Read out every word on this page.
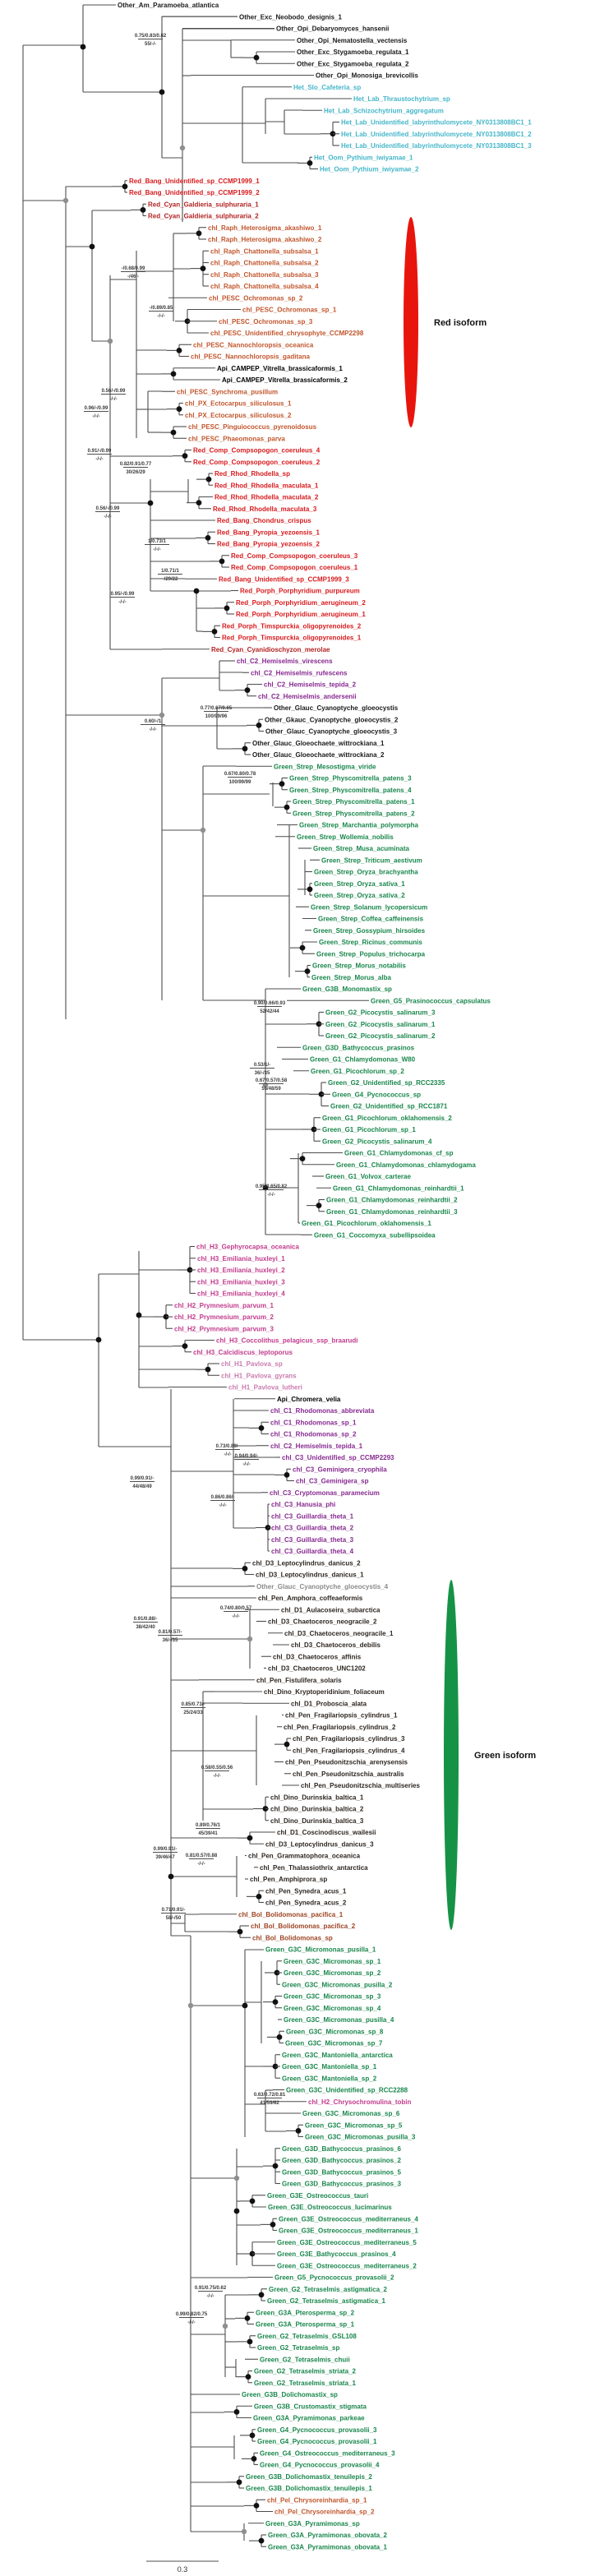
Other_Am_Paramoeba_atlantica
Other_Exc_Neobodo_designis_1
Other_Opi_Debaryomyces_hansenii
Other_Opi_Nematostella_vectensis
Other_Exc_Stygamoeba_regulata_1
Other_Exc_Stygamoeba_regulata_2
Other_Opi_Monosiga_brevicollis
Het_Slo_Cafeteria_sp
Het_Lab_Thraustochytrium_sp
Het_Lab_Schizochytrium_aggregatum
Het_Lab_Unidentified_labyrinthulomycete_NY0313808BC1_1
Het_Lab_Unidentified_labyrinthulomycete_NY0313808BC1_2
Het_Lab_Unidentified_labyrinthulomycete_NY0313808BC1_3
Het_Oom_Pythium_iwiyamae_1
Het_Oom_Pythium_iwiyamae_2
Red_Bang_Unidentified_sp_CCMP1999_1
Red_Bang_Unidentified_sp_CCMP1999_2
Red_Cyan_Galdieria_sulphuraria_1
Red_Cyan_Galdieria_sulphuraria_2
chl_Raph_Heterosigma_akashiwo_1
chl_Raph_Heterosigma_akashiwo_2
chl_Raph_Chattonella_subsalsa_1
chl_Raph_Chattonella_subsalsa_2
chl_Raph_Chattonella_subsalsa_3
chl_Raph_Chattonella_subsalsa_4
chl_PESC_Ochromonas_sp_2
chl_PESC_Ochromonas_sp_1
chl_PESC_Ochromonas_sp_3
chl_PESC_Unidentified_chrysophyte_CCMP2298
chl_PESC_Nannochloropsis_oceanica
chl_PESC_Nannochloropsis_gaditana
Api_CAMPEP_Vitrella_brassicaformis_1
Api_CAMPEP_Vitrella_brassicaformis_2
chl_PESC_Synchroma_pusillum
chl_PX_Ectocarpus_siliculosus_1
chl_PX_Ectocarpus_siliculosus_2
chl_PESC_Pinguiococcus_pyrenoidosus
chl_PESC_Phaeomonas_parva
Red_Comp_Compsopogon_coeruleus_4
Red_Comp_Compsopogon_coeruleus_2
Red_Rhod_Rhodella_sp
Red_Rhod_Rhodella_maculata_1
Red_Rhod_Rhodella_maculata_2
Red_Rhod_Rhodella_maculata_3
Red_Bang_Chondrus_crispus
Red_Bang_Pyropia_yezoensis_1
Red_Bang_Pyropia_yezoensis_2
Red_Comp_Compsopogon_coeruleus_3
Red_Comp_Compsopogon_coeruleus_1
Red_Bang_Unidentified_sp_CCMP1999_3
Red_Porph_Porphyridium_purpureum
Red_Porph_Porphyridium_aerugineum_2
Red_Porph_Porphyridium_aerugineum_1
Red_Porph_Timspurckia_oligopyrenoides_2
Red_Porph_Timspurckia_oligopyrenoides_1
Red_Cyan_Cyanidioschyzon_merolae
chl_C2_Hemiselmis_virescens
chl_C2_Hemiselmis_rufescens
chl_C2_Hemiselmis_tepida_2
chl_C2_Hemiselmis_andersenii
Other_Glauc_Cyanoptyche_gloeocystis
Other_Gkauc_Cyanoptyche_gloeocystis_2
Other_Glauc_Cyanoptyche_gloeocystis_3
Other_Glauc_Gloeochaete_wittrockiana_1
Other_Glauc_Gloeochaete_wittrockiana_2
Green_Strep_Mesostigma_viride
Green_Strep_Physcomitrella_patens_3
Green_Strep_Physcomitrella_patens_4
Green_Strep_Physcomitrella_patens_1
Green_Strep_Physcomitrella_patens_2
Green_Strep_Marchantia_polymorpha
Green_Strep_Wollemia_nobilis
Green_Strep_Musa_acuminata
Green_Strep_Triticum_aestivum
Green_Strep_Oryza_brachyantha
Green_Strep_Oryza_sativa_1
Green_Strep_Oryza_sativa_2
Green_Strep_Solanum_lycopersicum
Green_Strep_Coffea_caffeinensis
Green_Strep_Gossypium_hirsoides
Green_Strep_Ricinus_communis
Green_Strep_Populus_trichocarpa
Green_Strep_Morus_notabilis
Green_Strep_Morus_alba
Green_G3B_Monomastix_sp
Green_G5_Prasinococcus_capsulatus
Green_G2_Picocystis_salinarum_3
Green_G2_Picocystis_salinarum_1
Green_G2_Picocystis_salinarum_2
Green_G3D_Bathycoccus_prasinos
Green_G1_Chlamydomonas_W80
Green_G1_Picochlorum_sp_2
Green_G2_Unidentified_sp_RCC2335
Green_G4_Pycnococcus_sp
Green_G2_Unidentified_sp_RCC1871
Green_G1_Picochlorum_oklahomensis_2
Green_G1_Picochlorum_sp_1
Green_G2_Picocystis_salinarum_4
Green_G1_Chlamydomonas_cf_sp
Green_G1_Chlamydomonas_chlamydogama
Green_G1_Volvox_carterae
Green_G1_Chlamydomonas_reinhardtii_1
Green_G1_Chlamydomonas_reinhardtii_2
Green_G1_Chlamydomonas_reinhardtii_3
Green_G1_Picochlorum_oklahomensis_1
Green_G1_Coccomyxa_subellipsoidea
chl_H3_Gephyrocapsa_oceanica
chl_H3_Emiliania_huxleyi_1
chl_H3_Emiliania_huxleyi_2
chl_H3_Emiliania_huxleyi_3
chl_H3_Emiliania_huxleyi_4
chl_H2_Prymnesium_parvum_1
chl_H2_Prymnesium_parvum_2
chl_H2_Prymnesium_parvum_3
chl_H3_Coccolithus_pelagicus_ssp_braarudi
chl_H3_Calcidiscus_leptoporus
chl_H1_Pavlova_sp
chl_H1_Pavlova_gyrans
chl_H1_Pavlova_lutheri
Api_Chromera_velia
chl_C1_Rhodomonas_abbreviata
chl_C1_Rhodomonas_sp_1
chl_C1_Rhodomonas_sp_2
chl_C2_Hemiselmis_tepida_1
chl_C3_Unidentified_sp_CCMP2293
chl_C3_Geminigera_cryophila
chl_C3_Geminigera_sp
chl_C3_Cryptomonas_paramecium
chl_C3_Hanusia_phi
chl_C3_Guillardia_theta_1
chl_C3_Guillardia_theta_2
chl_C3_Guillardia_theta_3
chl_C3_Guillardia_theta_4
chl_D3_Leptocylindrus_danicus_2
chl_D3_Leptocylindrus_danicus_1
Other_Glauc_Cyanoptyche_gloeocystis_4
chl_Pen_Amphora_coffeaeformis
chl_D1_Aulacoseira_subarctica
chl_D3_Chaetoceros_neogracile_2
chl_D3_Chaetoceros_neogracile_1
chl_D3_Chaetoceros_debilis
chl_D3_Chaetoceros_affinis
chl_D3_Chaetoceros_UNC1202
chl_Pen_Fistulifera_solaris
chl_Dino_Kryptoperidinium_foliaceum
chl_D1_Proboscia_alata
chl_Pen_Fragilariopsis_cylindrus_1
chl_Pen_Fragilariopsis_cylindrus_2
chl_Pen_Fragilariopsis_cylindrus_3
chl_Pen_Fragilariopsis_cylindrus_4
chl_Pen_Pseudonitzschia_arenysensis
chl_Pen_Pseudonitzschia_australis
chl_Pen_Pseudonitzschia_multiseries
chl_Dino_Durinskia_baltica_1
chl_Dino_Durinskia_baltica_2
chl_Dino_Durinskia_baltica_3
chl_D1_Coscinodiscus_wailesii
chl_D3_Leptocylindrus_danicus_3
chl_Pen_Grammatophora_oceanica
chl_Pen_Thalassiothrix_antarctica
chl_Pen_Amphiprora_sp
chl_Pen_Synedra_acus_1
chl_Pen_Synedra_acus_2
chl_Bol_Bolidomonas_pacifica_1
chl_Bol_Bolidomonas_pacifica_2
chl_Bol_Bolidomonas_sp
Green_G3C_Micromonas_pusilla_1
Green_G3C_Micromonas_sp_1
Green_G3C_Micromonas_sp_2
Green_G3C_Micromonas_pusilla_2
Green_G3C_Micromonas_sp_3
Green_G3C_Micromonas_sp_4
Green_G3C_Micromonas_pusilla_4
Green_G3C_Micromonas_sp_8
Green_G3C_Micromonas_sp_7
Green_G3C_Mantoniella_antarctica
Green_G3C_Mantoniella_sp_1
Green_G3C_Mantoniella_sp_2
Green_G3C_Unidentified_sp_RCC2288
chl_H2_Chrysochromulina_tobin
Green_G3C_Micromonas_sp_6
Green_G3C_Micromonas_sp_5
Green_G3C_Micromonas_pusilla_3
Green_G3D_Bathycoccus_prasinos_6
Green_G3D_Bathycoccus_prasinos_2
Green_G3D_Bathycoccus_prasinos_5
Green_G3D_Bathycoccus_prasinos_3
Green_G3E_Ostreococcus_tauri
Green_G3E_Ostreococcus_lucimarinus
Green_G3E_Ostreococcus_mediterraneus_4
Green_G3E_Ostreococcus_mediterraneus_1
Green_G3E_Ostreococcus_mediterraneus_5
Green_G3E_Bathycoccus_prasinos_4
Green_G3E_Ostreococcus_mediterraneus_2
Green_G5_Pycnococcus_provasolii_2
Green_G2_Tetraselmis_astigmatica_2
Green_G2_Tetraselmis_astigmatica_1
Green_G3A_Pterosperma_sp_2
Green_G3A_Pterosperma_sp_1
Green_G2_Tetraselmis_GSL108
Green_G2_Tetraselmis_sp
Green_G2_Tetraselmis_chuii
Green_G2_Tetraselmis_striata_2
Green_G2_Tetraselmis_striata_1
Green_G3B_Dolichomastix_sp
Green_G3B_Crustomastix_stigmata
Green_G3A_Pyramimonas_parkeae
Green_G4_Pycnococcus_provasolii_3
Green_G4_Pycnococcus_provasolii_1
Green_G4_Ostreococcus_mediterraneus_3
Green_G4_Pycnococcus_provasolii_4
Green_G3B_Dolichomastix_tenuilepis_2
Green_G3B_Dolichomastix_tenuilepis_1
chl_Pel_Chrysoreinhardia_sp_1
chl_Pel_Chrysoreinhardia_sp_2
Green_G3A_Pyramimonas_sp
Green_G3A_Pyramimonas_obovata_2
Green_G3A_Pyramimonas_obovata_1
0.75/0.83/0.82
55/-/-
-/0.68/0.99
-/46/-
-/0.89/0.85
-/-/-
0.56/-/0.99
-/-/-
0.96/-/0.99
-/-/-
0.91/-/0.99
-/-/-
0.82/0.91/0.77
30/26/29
0.56/-/0.99
-/-/-
1/0.73/1
-/-/-
1/0.71/1
-/29/22
0.95/-/0.99
-/-/-
0.77/0.67/0.65
100/99/96
0.60/-/1
-/-/-
0.67/0.80/0.78
100/99/99
0.90/0.66/0.93
52/42/44
0.53/1/-
36/-/35
0.67/0.57/0.58
55/48/59
0.95/0.65/0.82
-/-/-
0.73/0.89/-
-/-/- 0.94/0.94/-
-/-/-
0.99/0.91/-
44/48/49
0.86/0.86/-
-/-/-
0.74/0.80/0.57
-/-/-
0.91/0.88/-
38/42/40
0.81/0.57/-
36/-/35
0.85/0.73/-
25/24/33
0.58/0.55/0.56
-/-/-
0.89/0.76/1
45/39/41
0.99/0.91/-
39/46/47 0.81/0.57/0.88
-/-/-
0.71/0.91/-
58/-/50
0.63/0.72/0.81
41/53/62
0.91/0.75/0.62
-/-/-
0.99/0.82/0.75
-/-/-
Red isoform
Green isoform
0.3
